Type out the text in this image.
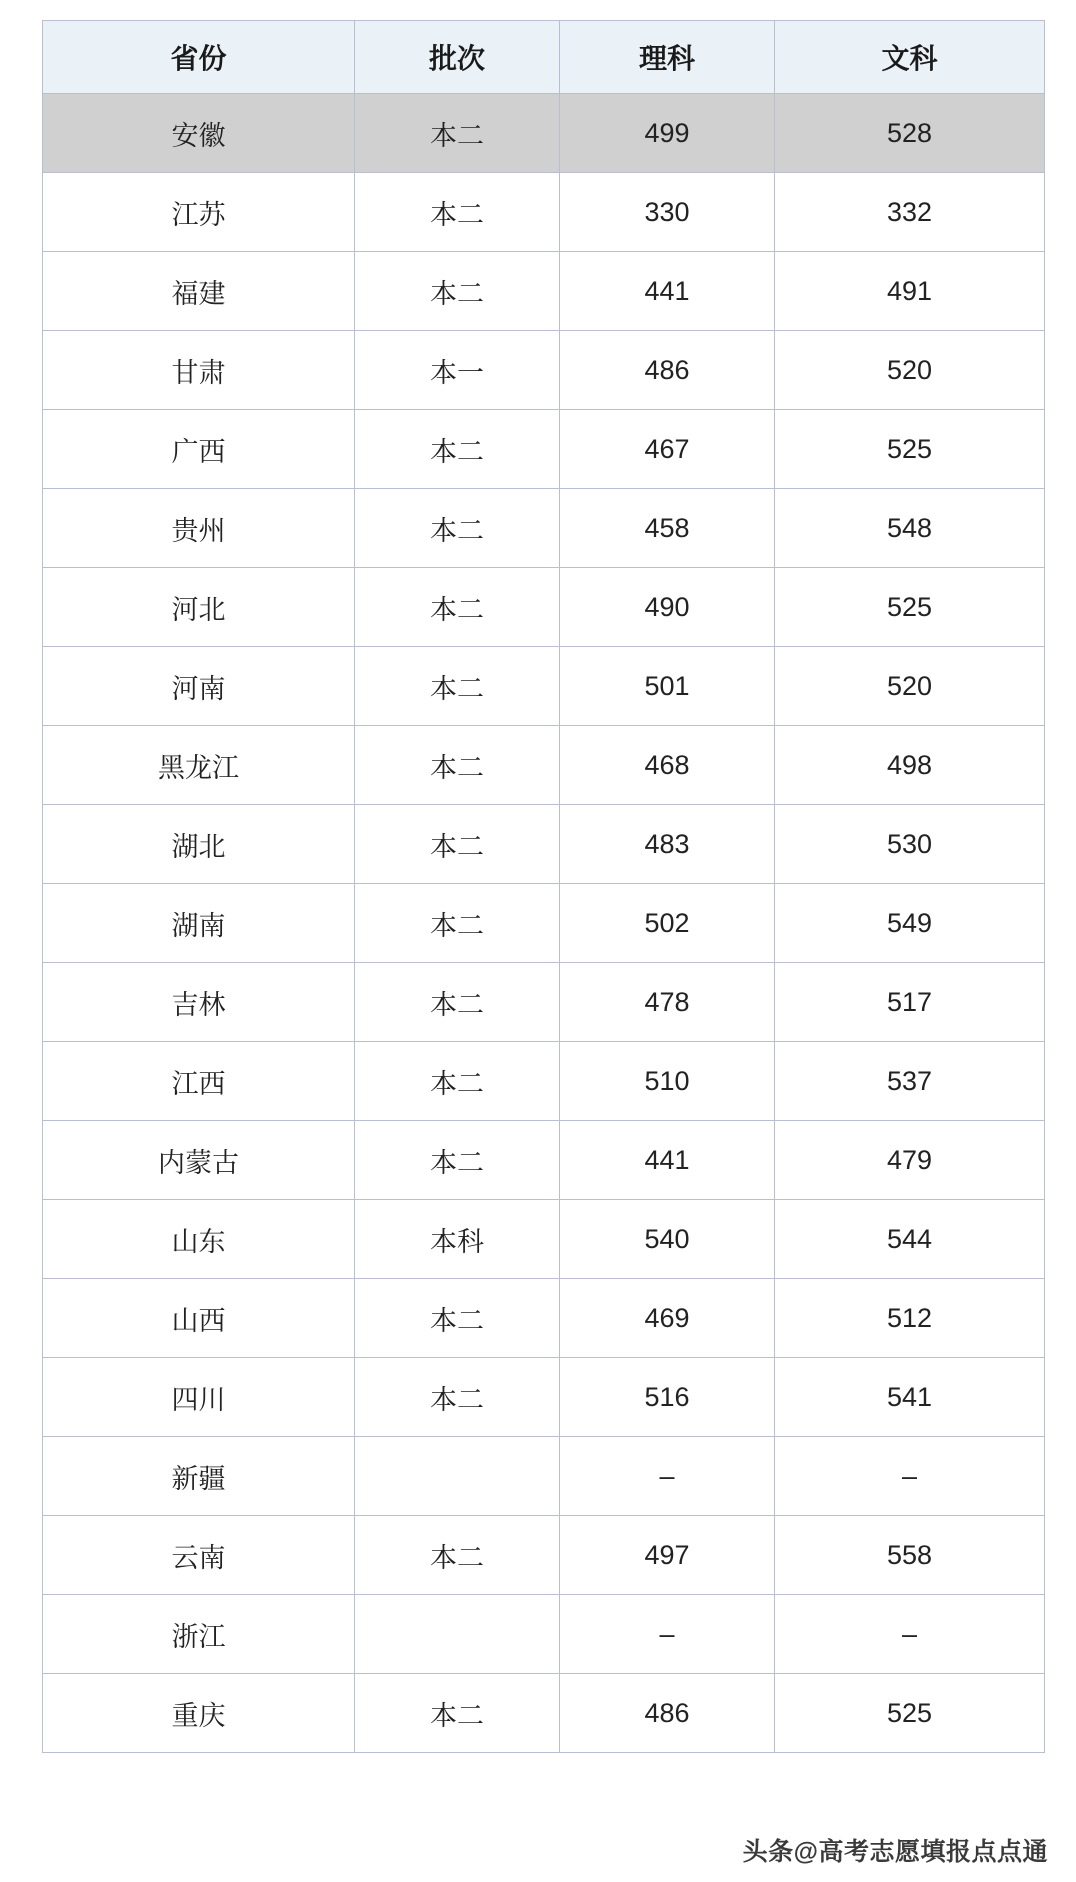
省份	批次	理科	文科
安徽	本二	499	528
江苏	本二	330	332
福建	本二	441	491
甘肃	本一	486	520
广西	本二	467	525
贵州	本二	458	548
河北	本二	490	525
河南	本二	501	520
黑龙江	本二	468	498
湖北	本二	483	530
湖南	本二	502	549
吉林	本二	478	517
江西	本二	510	537
内蒙古	本二	441	479
山东	本科	540	544
山西	本二	469	512
四川	本二	516	541
新疆		–	–
云南	本二	497	558
浙江		–	–
重庆	本二	486	525
头条@高考志愿填报点点通
